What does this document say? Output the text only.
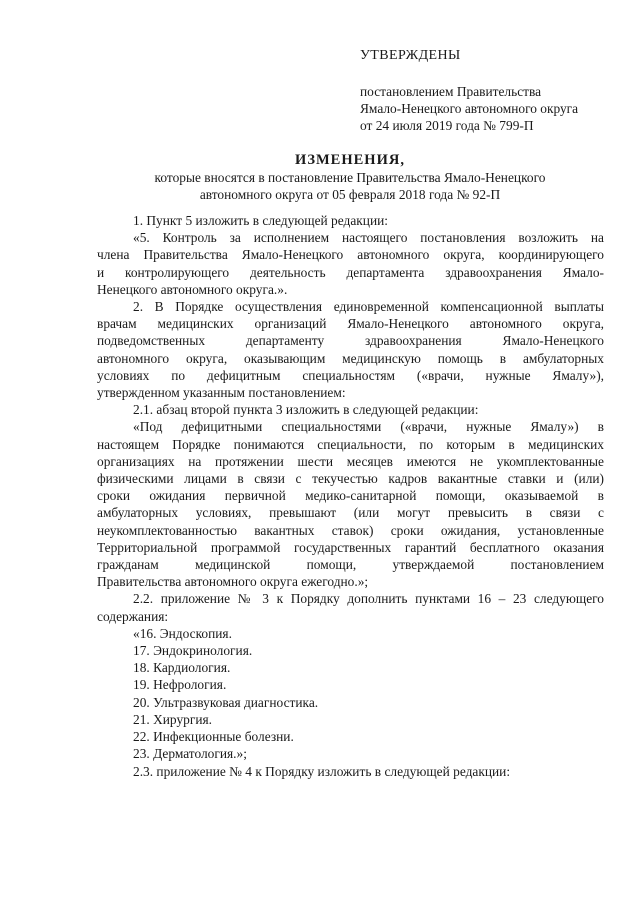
УТВЕРЖДЕНЫ
постановлением Правительства
Ямало-Ненецкого автономного округа
от 24 июля 2019 года № 799-П
ИЗМЕНЕНИЯ,
которые вносятся в постановление Правительства Ямало-Ненецкого
автономного округа от 05 февраля 2018 года № 92-П
1. Пункт 5 изложить в следующей редакции:
«5. Контроль за исполнением настоящего постановления возложить на
члена Правительства Ямало-Ненецкого автономного округа, координирующего
и контролирующего деятельность департамента здравоохранения Ямало-
Ненецкого автономного округа.».
2. В Порядке осуществления единовременной компенсационной выплаты
врачам медицинских организаций Ямало-Ненецкого автономного округа,
подведомственных департаменту здравоохранения Ямало-Ненецкого
автономного округа, оказывающим медицинскую помощь в амбулаторных
условиях по дефицитным специальностям («врачи, нужные Ямалу»),
утвержденном указанным постановлением:
2.1. абзац второй пункта 3 изложить в следующей редакции:
«Под дефицитными специальностями («врачи, нужные Ямалу») в
настоящем Порядке понимаются специальности, по которым в медицинских
организациях на протяжении шести месяцев имеются не укомплектованные
физическими лицами в связи с текучестью кадров вакантные ставки и (или)
сроки ожидания первичной медико-санитарной помощи, оказываемой в
амбулаторных условиях, превышают (или могут превысить в связи с
неукомплектованностью вакантных ставок) сроки ожидания, установленные
Территориальной программой государственных гарантий бесплатного оказания
гражданам медицинской помощи, утверждаемой постановлением
Правительства автономного округа ежегодно.»;
2.2. приложение № 3 к Порядку дополнить пунктами 16 – 23 следующего
содержания:
«16. Эндоскопия.
17. Эндокринология.
18. Кардиология.
19. Нефрология.
20. Ультразвуковая диагностика.
21. Хирургия.
22. Инфекционные болезни.
23. Дерматология.»;
2.3. приложение № 4 к Порядку изложить в следующей редакции:
